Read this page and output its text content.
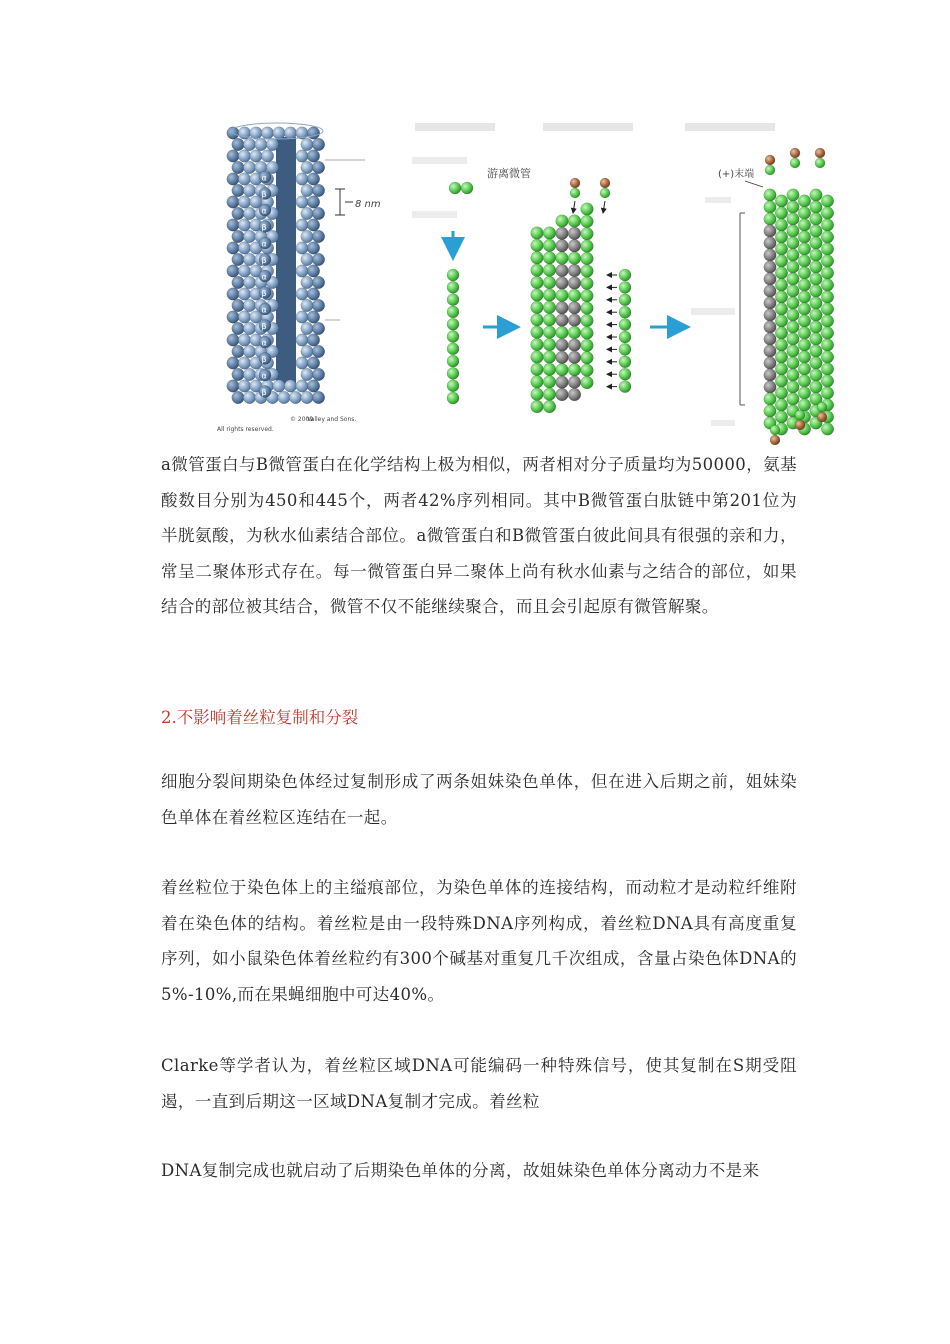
α
β
α
β
α
β
α
β
α
β
α
β
α
β
8 nm
© 2009
Valley and Sons.
All rights reserved.
游离微管	(+)末端

a微管蛋白与B微管蛋白在化学结构上极为相似，两者相对分子质量均为50000，氨基酸数目分别为450和445个，两者42%序列相同。其中B微管蛋白肽链中第201位为半胱氨酸，为秋水仙素结合部位。a微管蛋白和B微管蛋白彼此间具有很强的亲和力，常呈二聚体形式存在。每一微管蛋白异二聚体上尚有秋水仙素与之结合的部位，如果结合的部位被其结合，微管不仅不能继续聚合，而且会引起原有微管解聚。

2.不影响着丝粒复制和分裂

细胞分裂间期染色体经过复制形成了两条姐妹染色单体，但在进入后期之前，姐妹染色单体在着丝粒区连结在一起。

着丝粒位于染色体上的主缢痕部位，为染色单体的连接结构，而动粒才是动粒纤维附着在染色体的结构。着丝粒是由一段特殊DNA序列构成，着丝粒DNA具有高度重复序列，如小鼠染色体着丝粒约有300个碱基对重复几千次组成，含量占染色体DNA的5%-10%,而在果蝇细胞中可达40%。

Clarke等学者认为，着丝粒区域DNA可能编码一种特殊信号，使其复制在S期受阻遏，一直到后期这一区域DNA复制才完成。着丝粒

DNA复制完成也就启动了后期染色单体的分离，故姐妹染色单体分离动力不是来
